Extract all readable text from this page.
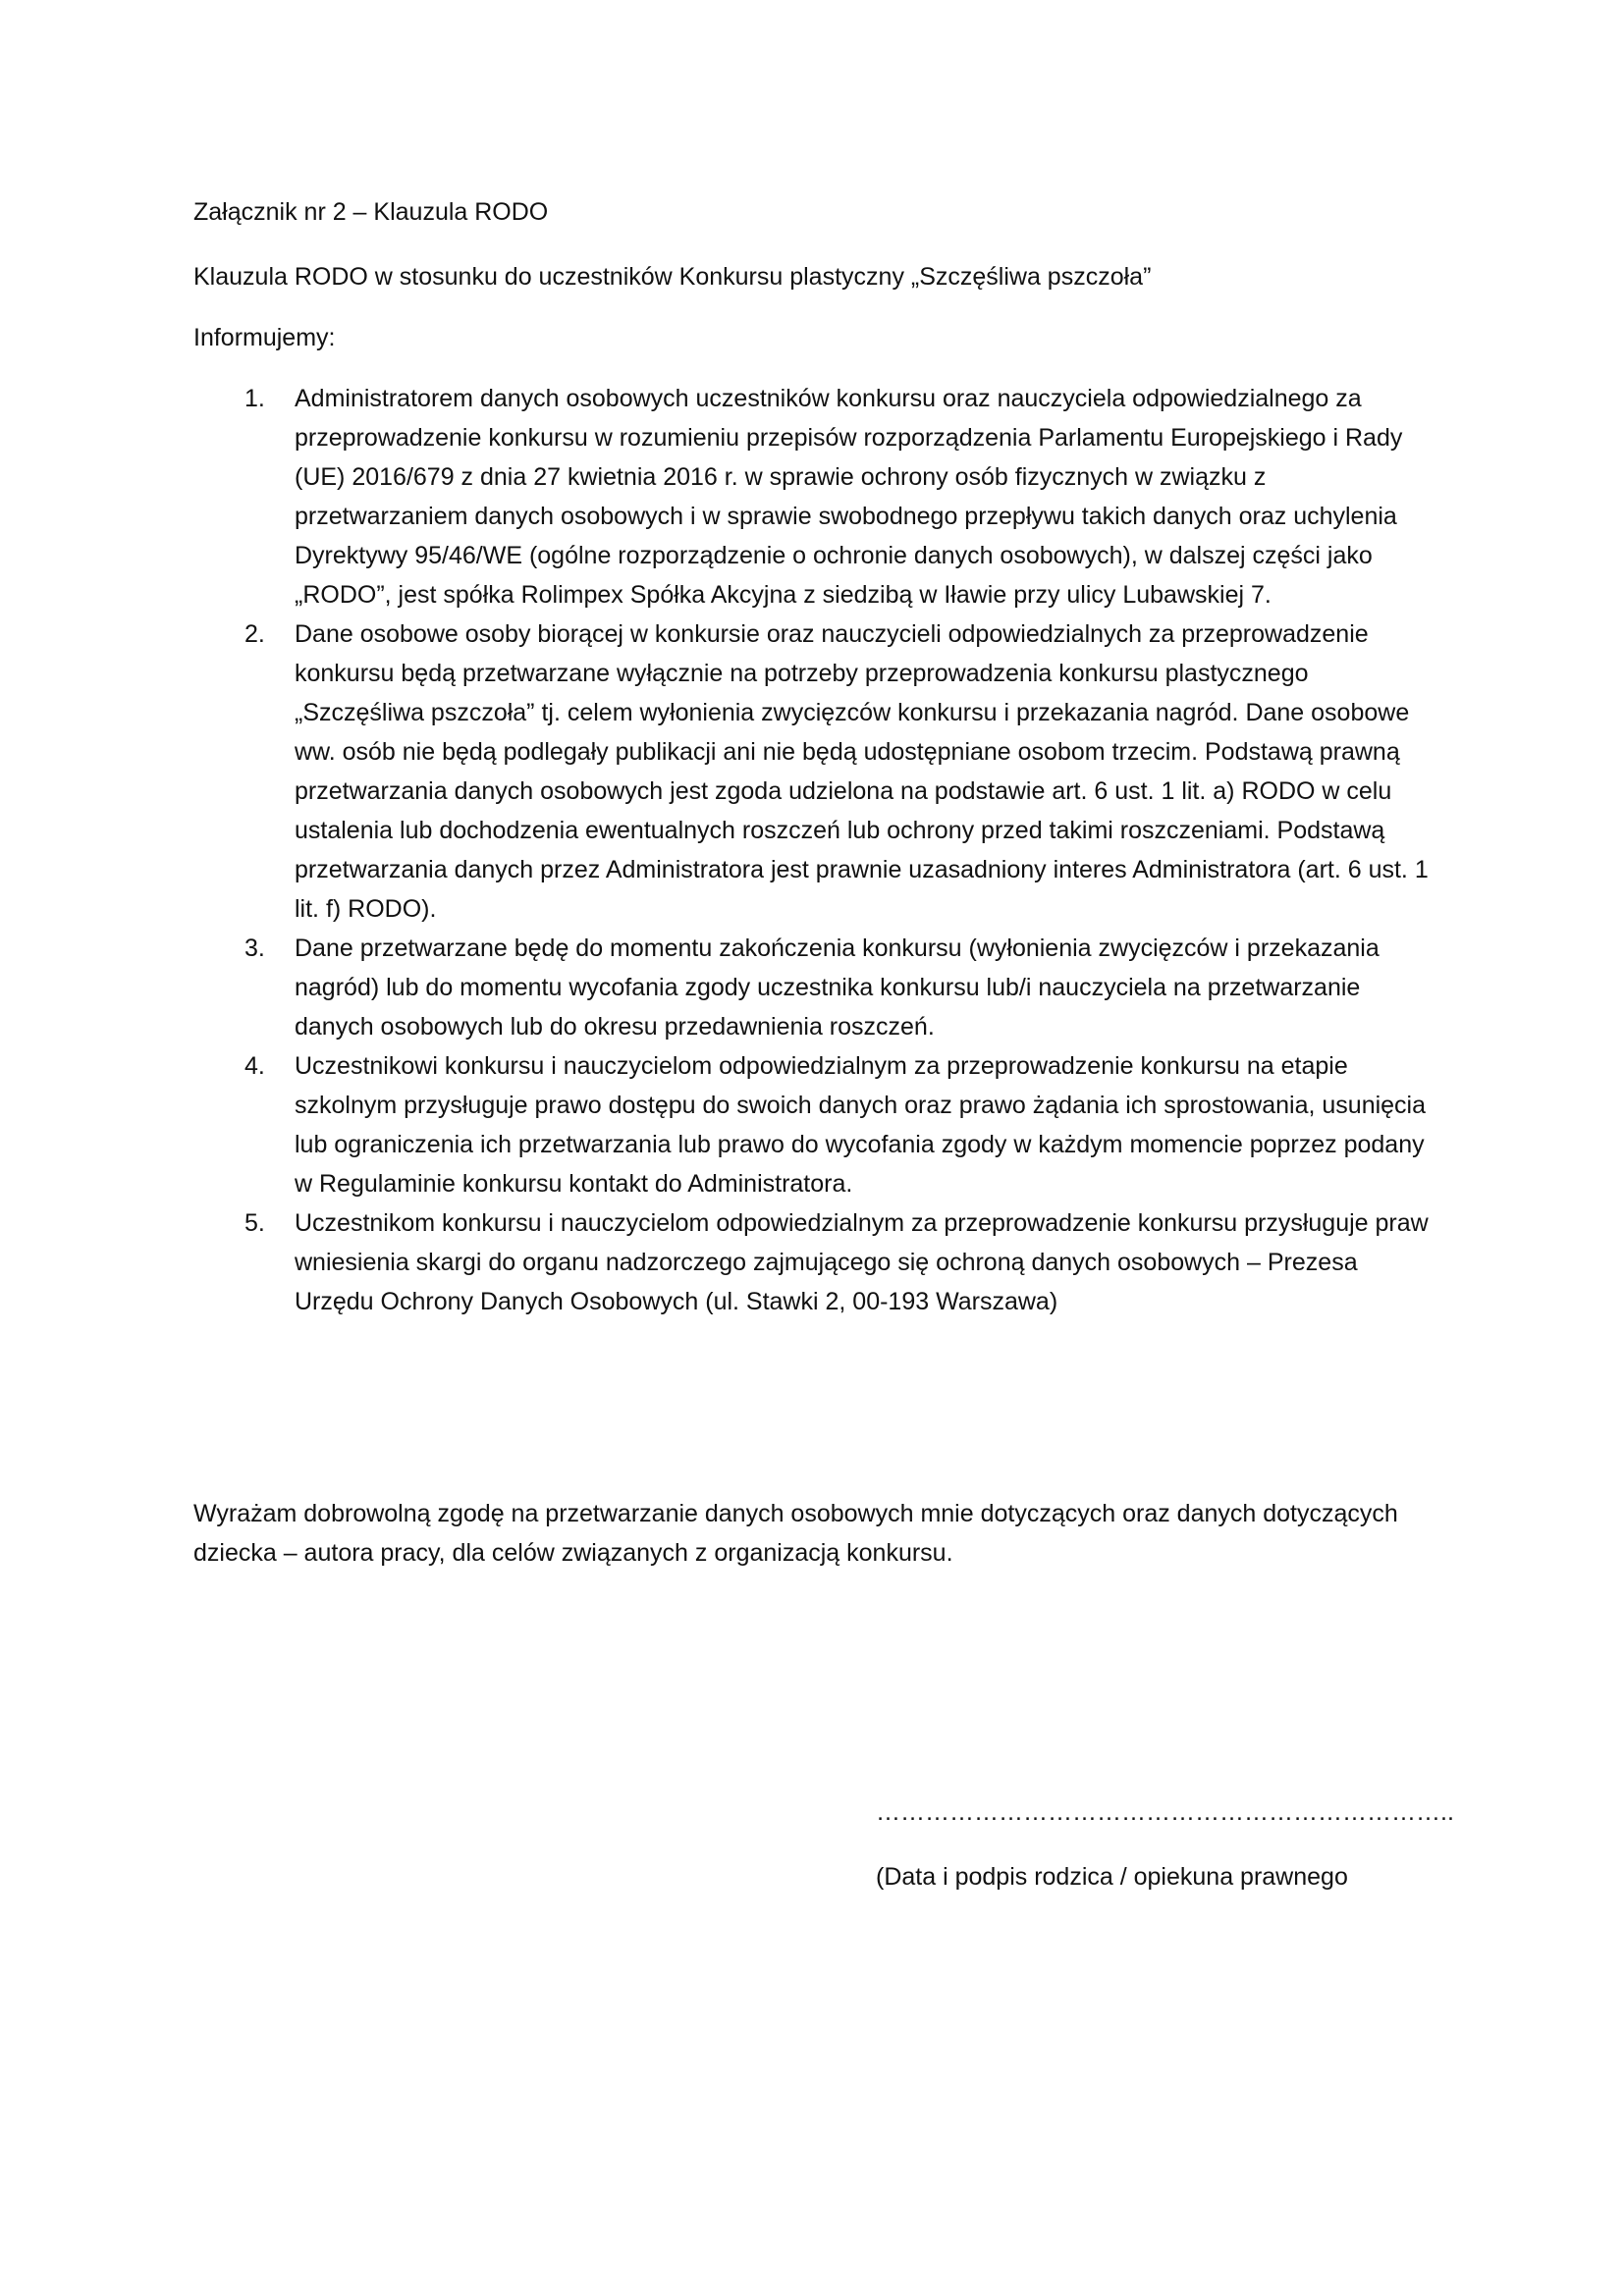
Załącznik nr 2 – Klauzula RODO
Klauzula RODO w stosunku do uczestników Konkursu plastyczny „Szczęśliwa pszczoła”
Informujemy:
1. Administratorem danych osobowych uczestników konkursu oraz nauczyciela odpowiedzialnego za przeprowadzenie konkursu w rozumieniu przepisów rozporządzenia Parlamentu Europejskiego i Rady (UE) 2016/679 z dnia 27 kwietnia 2016 r. w sprawie ochrony osób fizycznych w związku z przetwarzaniem danych osobowych i w sprawie swobodnego przepływu takich danych oraz uchylenia Dyrektywy 95/46/WE (ogólne rozporządzenie o ochronie danych osobowych), w dalszej części jako „RODO”, jest spółka Rolimpex Spółka Akcyjna z siedzibą w Iławie przy ulicy Lubawskiej 7.
2. Dane osobowe osoby biorącej w konkursie oraz nauczycieli odpowiedzialnych za przeprowadzenie konkursu będą przetwarzane wyłącznie na potrzeby przeprowadzenia konkursu plastycznego „Szczęśliwa pszczoła” tj. celem wyłonienia zwycięzców konkursu i przekazania nagród. Dane osobowe ww. osób nie będą podlegały publikacji ani nie będą udostępniane osobom trzecim. Podstawą prawną przetwarzania danych osobowych jest zgoda udzielona na podstawie art. 6 ust. 1 lit. a) RODO w celu ustalenia lub dochodzenia ewentualnych roszczeń lub ochrony przed takimi roszczeniami. Podstawą przetwarzania danych przez Administratora jest prawnie uzasadniony interes Administratora (art. 6 ust. 1 lit. f) RODO).
3. Dane przetwarzane będę do momentu zakończenia konkursu (wyłonienia zwycięzców i przekazania nagród) lub do momentu wycofania zgody uczestnika konkursu lub/i nauczyciela na przetwarzanie danych osobowych lub do okresu przedawnienia roszczeń.
4. Uczestnikowi konkursu i nauczycielom odpowiedzialnym za przeprowadzenie konkursu na etapie szkolnym przysługuje prawo dostępu do swoich danych oraz prawo żądania ich sprostowania, usunięcia lub ograniczenia ich przetwarzania lub prawo do wycofania zgody w każdym momencie poprzez podany w Regulaminie konkursu kontakt do Administratora.
5. Uczestnikom konkursu i nauczycielom odpowiedzialnym za przeprowadzenie konkursu przysługuje praw wniesienia skargi do organu nadzorczego zajmującego się ochroną danych osobowych – Prezesa Urzędu Ochrony Danych Osobowych (ul. Stawki 2, 00-193 Warszawa)
Wyrażam dobrowolną zgodę na przetwarzanie danych osobowych mnie dotyczących oraz danych dotyczących dziecka – autora pracy, dla celów związanych z organizacją konkursu.
……………………………………………………………..
(Data i podpis rodzica / opiekuna prawnego
